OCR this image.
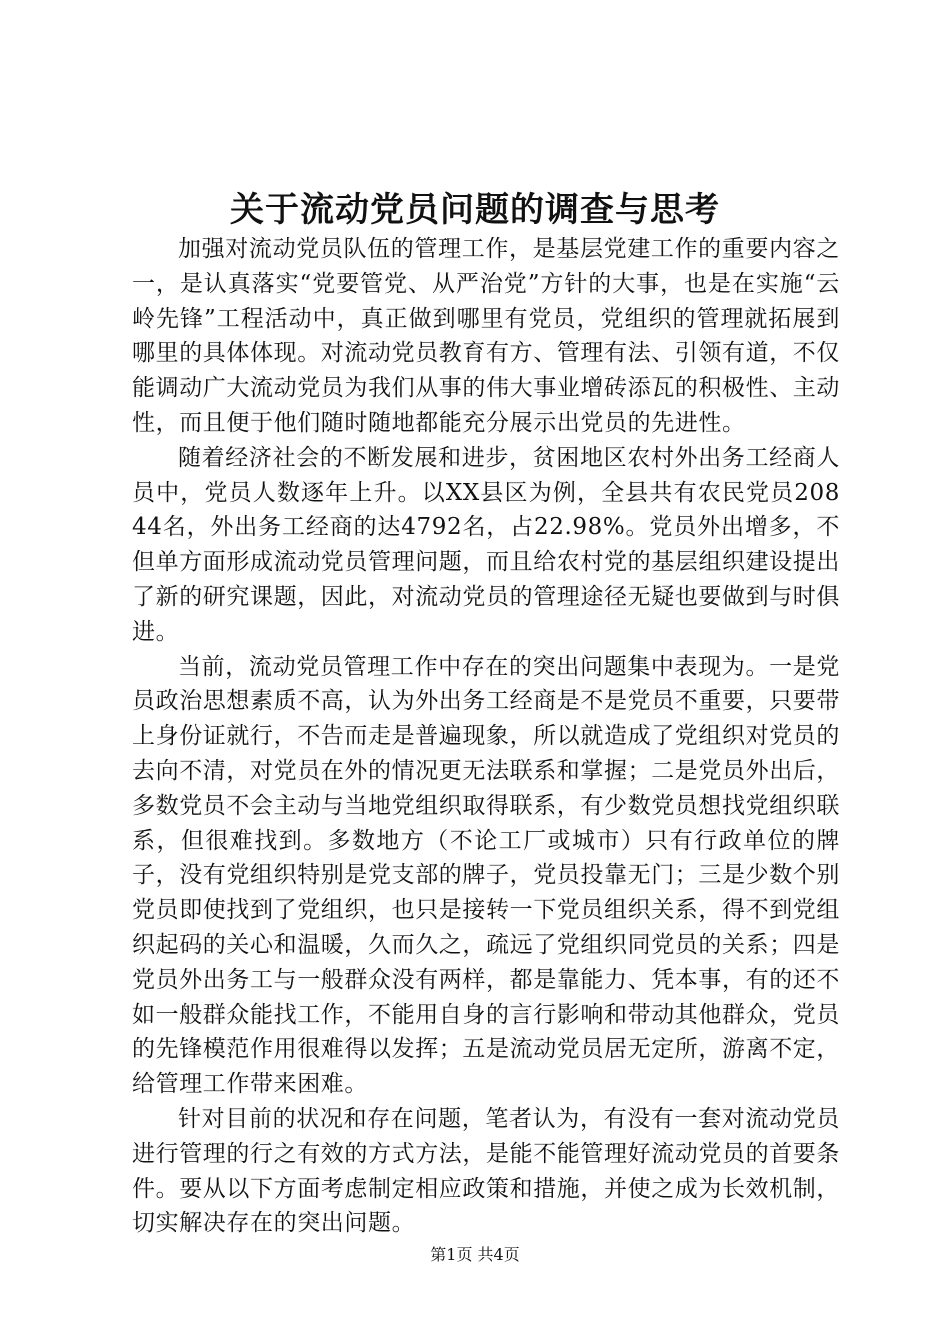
关于流动党员问题的调查与思考

加强对流动党员队伍的管理工作，是基层党建工作的重要内容之一，是认真落实“党要管党、从严治党”方针的大事，也是在实施“云岭先锋”工程活动中，真正做到哪里有党员，党组织的管理就拓展到哪里的具体体现。对流动党员教育有方、管理有法、引领有道，不仅能调动广大流动党员为我们从事的伟大事业增砖添瓦的积极性、主动性，而且便于他们随时随地都能充分展示出党员的先进性。

随着经济社会的不断发展和进步，贫困地区农村外出务工经商人员中，党员人数逐年上升。以XX县区为例，全县共有农民党员20844名，外出务工经商的达4792名，占22.98%。党员外出增多，不但单方面形成流动党员管理问题，而且给农村党的基层组织建设提出了新的研究课题，因此，对流动党员的管理途径无疑也要做到与时俱进。

当前，流动党员管理工作中存在的突出问题集中表现为。一是党员政治思想素质不高，认为外出务工经商是不是党员不重要，只要带上身份证就行，不告而走是普遍现象，所以就造成了党组织对党员的去向不清，对党员在外的情况更无法联系和掌握；二是党员外出后，多数党员不会主动与当地党组织取得联系，有少数党员想找党组织联系，但很难找到。多数地方（不论工厂或城市）只有行政单位的牌子，没有党组织特别是党支部的牌子，党员投靠无门；三是少数个别党员即使找到了党组织，也只是接转一下党员组织关系，得不到党组织起码的关心和温暖，久而久之，疏远了党组织同党员的关系；四是党员外出务工与一般群众没有两样，都是靠能力、凭本事，有的还不如一般群众能找工作，不能用自身的言行影响和带动其他群众，党员的先锋模范作用很难得以发挥；五是流动党员居无定所，游离不定，给管理工作带来困难。

针对目前的状况和存在问题，笔者认为，有没有一套对流动党员进行管理的行之有效的方式方法，是能不能管理好流动党员的首要条件。要从以下方面考虑制定相应政策和措施，并使之成为长效机制，切实解决存在的突出问题。

第1页 共4页
